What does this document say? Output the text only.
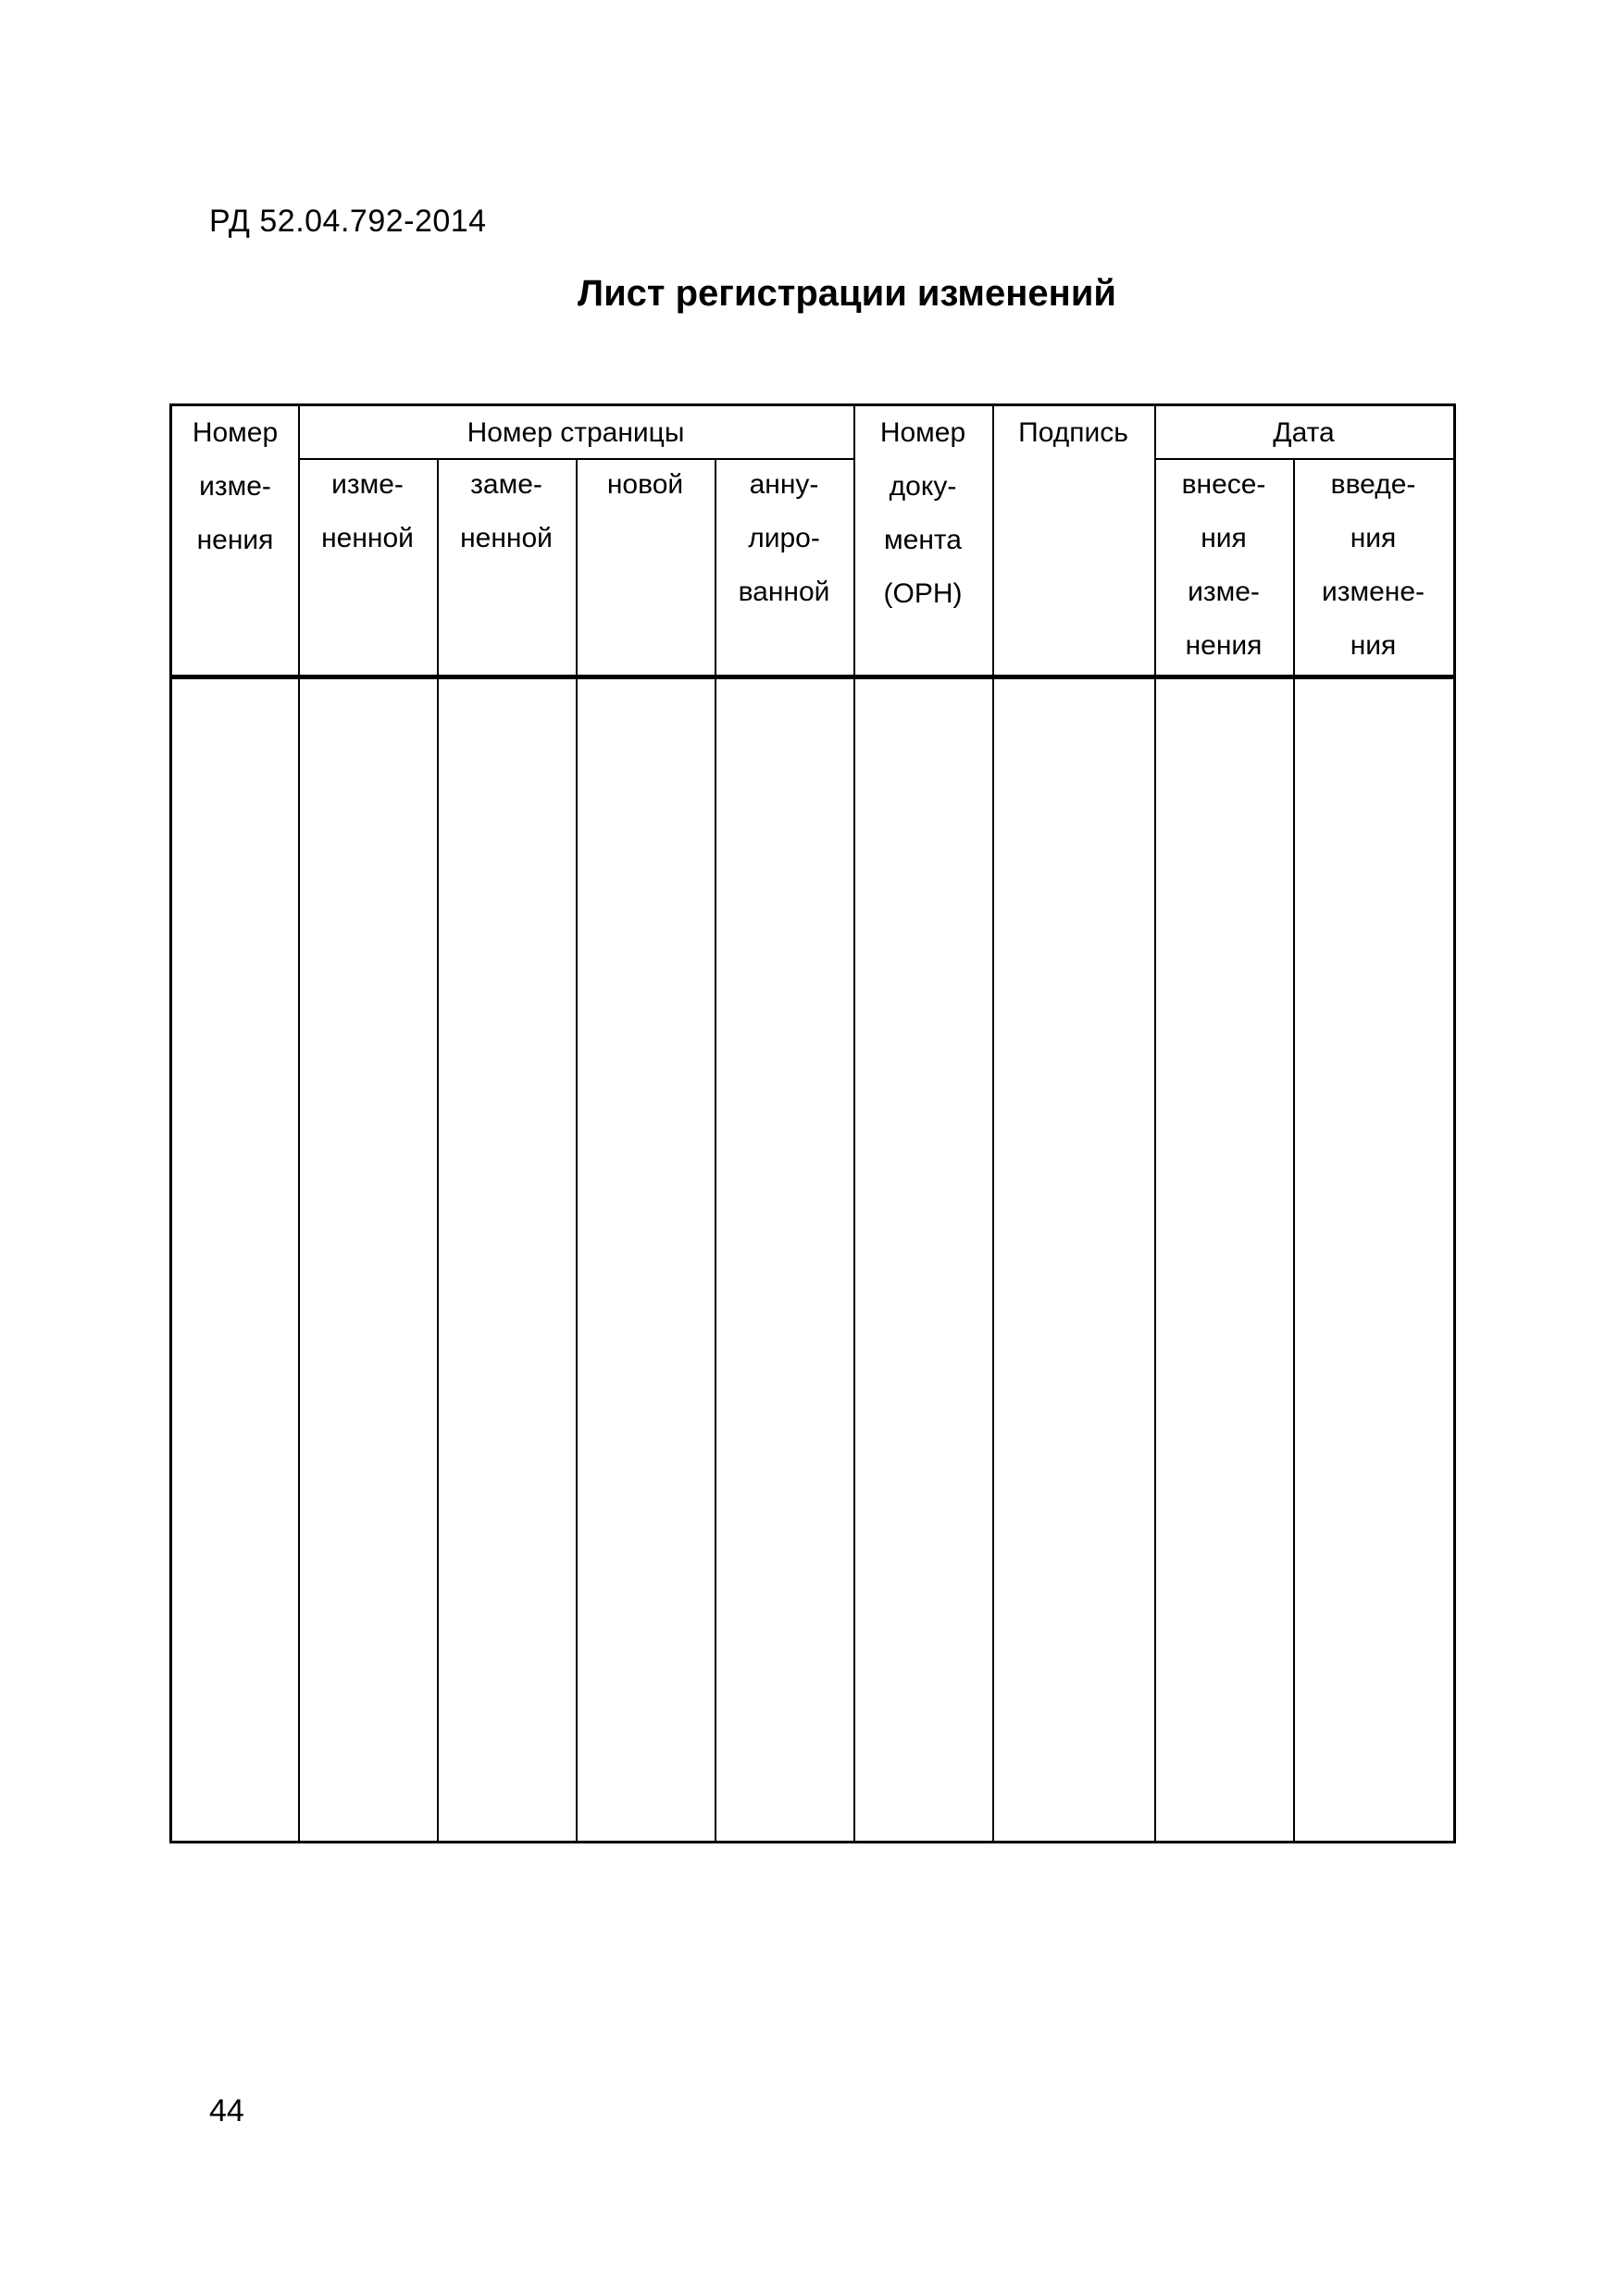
РД 52.04.792-2014
Лист регистрации изменений
Номер
изме-
нения
Номер страницы
изме-
ненной
заме-
ненной
новой	анну-
лиро-
ванной
Номер
доку-
мента
(ОРН)
Подпись	Дата
внесе-
ния
изме-
нения
введе-
ния
измене-
ния
44
